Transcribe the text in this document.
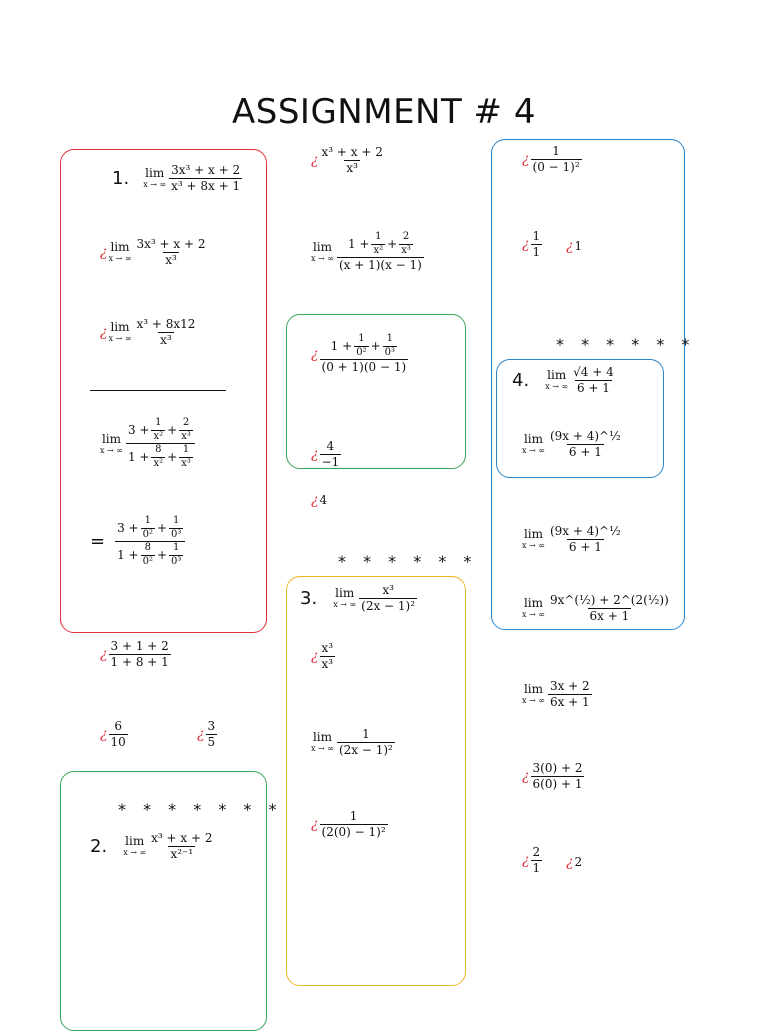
ASSIGNMENT # 4
1. lim
x → ∞ $\frac{\text{3x³ + x + 2}}{\text{x³ + 8x + 1}}$
¿ lim
x → ∞ $\frac{\text{3x³ + x + 2}}{\text{x³}}$
¿ lim
x → ∞ $\frac{\text{x³ + 8x12}}{\text{x³}}$
lim
x → ∞ $\frac{3 + \frac{1}{\text{x²}} + \frac{2}{\text{x³}}}{1 + \frac{8}{\text{x²}} + \frac{1}{\text{x³}}}$
= $\frac{3 + \frac{1}{\text{0²}} + \frac{1}{\text{0³}}}{1 + \frac{8}{\text{0²}} + \frac{1}{\text{0³}}}$
¿ $\frac{3 + 1 + 2}{1 + 8 + 1}$
¿ $\frac{6}{10}$	¿ $\frac{3}{5}$
¿ $\frac{\text{x³ + x + 2}}{\text{x³}}$
lim
x → ∞ $\frac{1 + \frac{1}{\text{x²}} + \frac{2}{\text{x³}}}{(x + 1)(x - 1)}$
¿ $\frac{1 + \frac{1}{\text{0²}} + \frac{1}{\text{0³}}}{(0 + 1)(0 - 1)}$
¿ $\frac{4}{-1}$
¿ 4
* * * * * *
3. lim
x → ∞ $\frac{\text{x³}}{\text{(2x − 1)²}}$
¿ $\frac{\text{x³}}{\text{x³}}$
lim
x → ∞ $\frac{1}{\text{(2x − 1)²}}$
¿ $\frac{1}{\text{(2(0) − 1)²}}$
* * * * * * *
2. lim
x → ∞ $\frac{\text{x³ + x + 2}}{\text{x²⁻¹}}$
¿ $\frac{1}{\text{(0 − 1)²}}$
¿ $\frac{1}{1}$ ¿ 1
* * * * * *
4. lim
x → ∞ $\frac{√4 + 4}{6 + 1}$
lim
x → ∞ $\frac{\text{(9x + 4)\textasciicircum{}½}}{6 + 1}$
lim
x → ∞ $\frac{\text{(9x + 4)\textasciicircum{}½}}{6 + 1}$
lim
x → ∞ $\frac{\text{9x\textasciicircum{}(½) + 2\textasciicircum{}(2(½))}}{6x + 1}$
lim
x → ∞ $\frac{3x + 2}{6x + 1}$
¿ $\frac{3(0) + 2}{6(0) + 1}$
¿ $\frac{2}{1}$ ¿ 2
